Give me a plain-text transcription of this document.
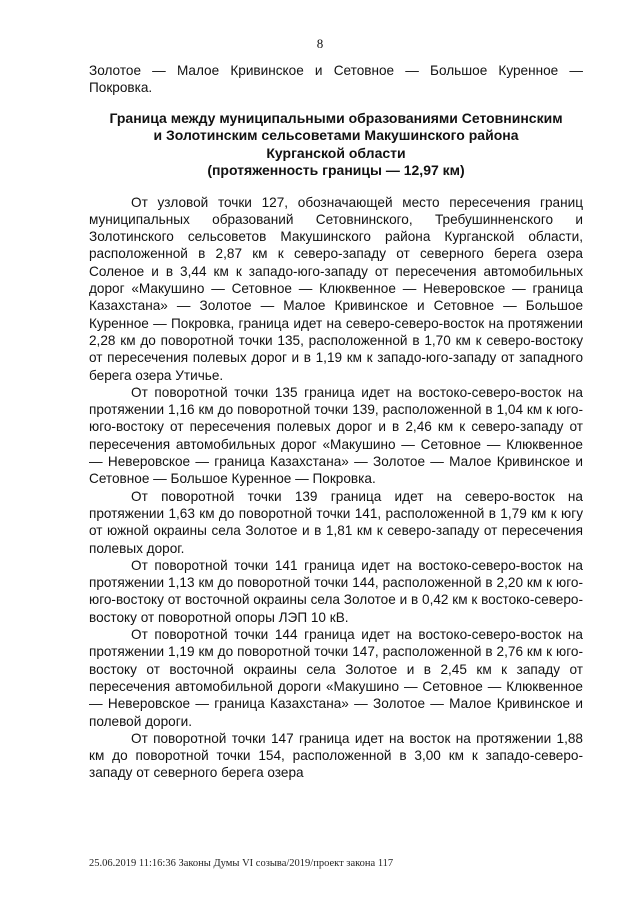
8

Золотое — Малое Кривинское и Сетовное — Большое Куренное — Покровка.

Граница между муниципальными образованиями Сетовнинским
и Золотинским сельсоветами Макушинского района
Курганской области
(протяженность границы — 12,97 км)

От узловой точки 127, обозначающей место пересечения границ муниципальных образований Сетовнинского, Требушинненского и Золотинского сельсоветов Макушинского района Курганской области, расположенной в 2,87 км к северо-западу от северного берега озера Соленое и в 3,44 км к западо-юго-западу от пересечения автомобильных дорог «Макушино — Сетовное — Клюквенное — Неверовское — граница Казахстана» — Золотое — Малое Кривинское и Сетовное — Большое Куренное — Покровка, граница идет на северо-северо-восток на протяжении 2,28 км до поворотной точки 135, расположенной в 1,70 км к северо-востоку от пересечения полевых дорог и в 1,19 км к западо-юго-западу от западного берега озера Утичье.

От поворотной точки 135 граница идет на востоко-северо-восток на протяжении 1,16 км до поворотной точки 139, расположенной в 1,04 км к юго-юго-востоку от пересечения полевых дорог и в 2,46 км к северо-западу от пересечения автомобильных дорог «Макушино — Сетовное — Клюквенное — Неверовское — граница Казахстана» — Золотое — Малое Кривинское и Сетовное — Большое Куренное — Покровка.

От поворотной точки 139 граница идет на северо-восток на протяжении 1,63 км до поворотной точки 141, расположенной в 1,79 км к югу от южной окраины села Золотое и в 1,81 км к северо-западу от пересечения полевых дорог.

От поворотной точки 141 граница идет на востоко-северо-восток на протяжении 1,13 км до поворотной точки 144, расположенной в 2,20 км к юго-юго-востоку от восточной окраины села Золотое и в 0,42 км к востоко-северо-востоку от поворотной опоры ЛЭП 10 кВ.

От поворотной точки 144 граница идет на востоко-северо-восток на протяжении 1,19 км до поворотной точки 147, расположенной в 2,76 км к юго-востоку от восточной окраины села Золотое и в 2,45 км к западу от пересечения автомобильной дороги «Макушино — Сетовное — Клюквенное — Неверовское — граница Казахстана» — Золотое — Малое Кривинское и полевой дороги.

От поворотной точки 147 граница идет на восток на протяжении 1,88 км до поворотной точки 154, расположенной в 3,00 км к западо-северо-западу от северного берега озера

25.06.2019 11:16:36 Законы Думы VI созыва/2019/проект закона 117
